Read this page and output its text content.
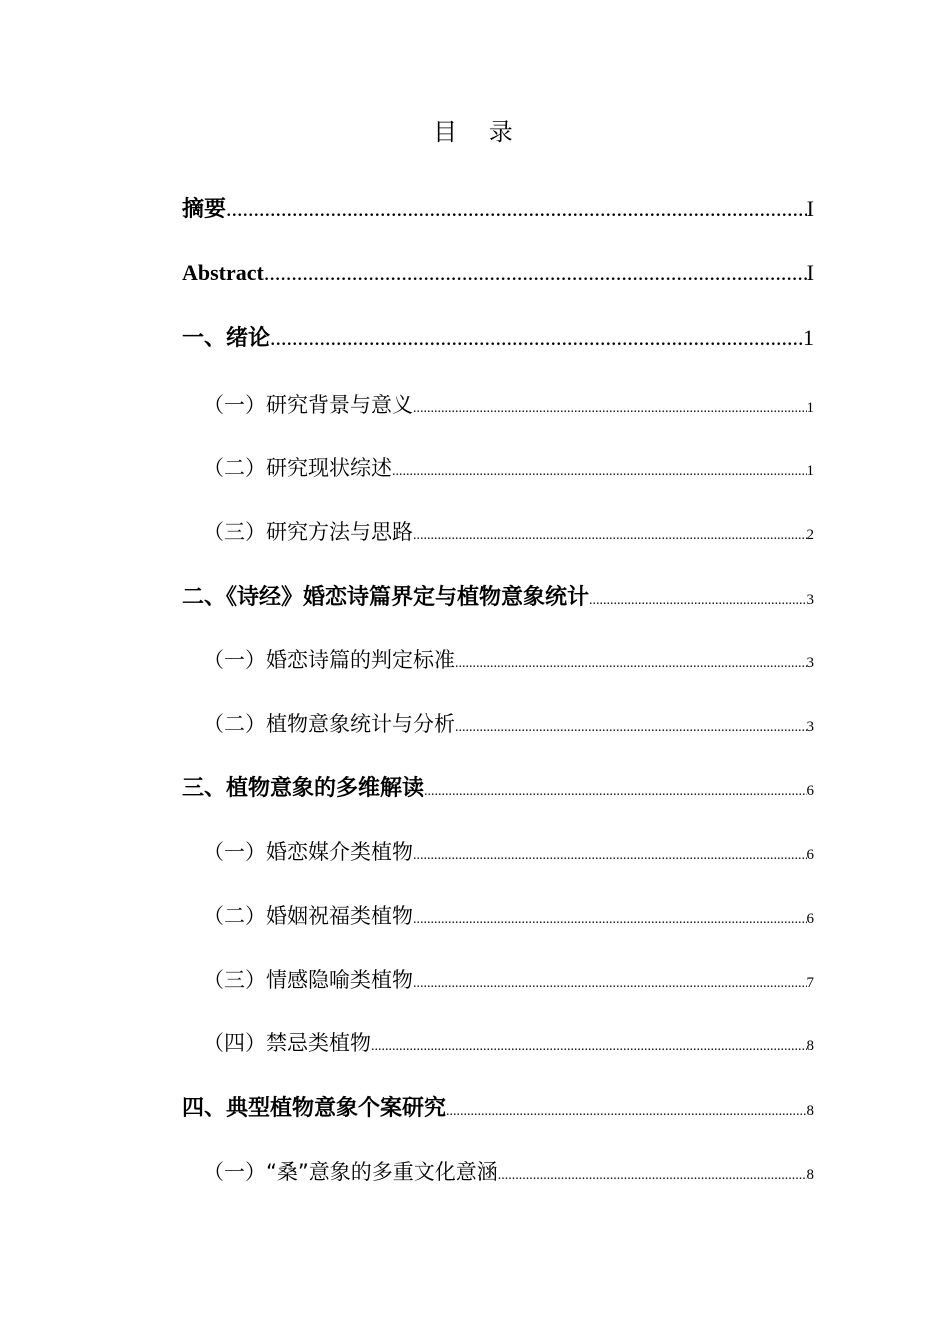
目 录
摘要 .....	I
Abstract .....	I
一、绪论 .....	1
（一）研究背景与意义 .....	1
（二）研究现状综述 .....	1
（三）研究方法与思路 .....	2
二、《诗经》婚恋诗篇界定与植物意象统计 .....	3
（一）婚恋诗篇的判定标准 .....	3
（二）植物意象统计与分析 .....	3
三、植物意象的多维解读 .....	6
（一）婚恋媒介类植物 .....	6
（二）婚姻祝福类植物 .....	6
（三）情感隐喻类植物 .....	7
（四）禁忌类植物 .....	8
四、典型植物意象个案研究 .....	8
（一）“桑”意象的多重文化意涵 .....	8
